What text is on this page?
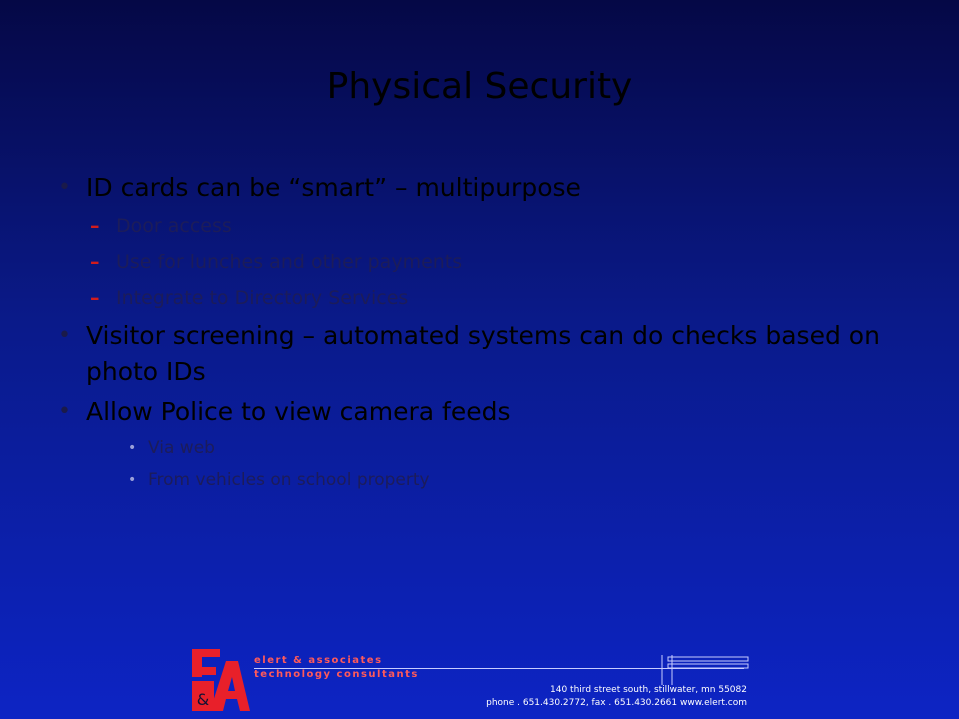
Physical Security
• ID cards can be “smart” – multipurpose
– Door access
– Use for lunches and other payments
– Integrate to Directory Services
• Visitor screening – automated systems can do checks based on photo IDs
• Allow Police to view camera feeds
• Via web
• From vehicles on school property
&
elert & associates
technology consultants
140 third street south, stillwater, mn 55082
phone . 651.430.2772, fax . 651.430.2661 www.elert.com
